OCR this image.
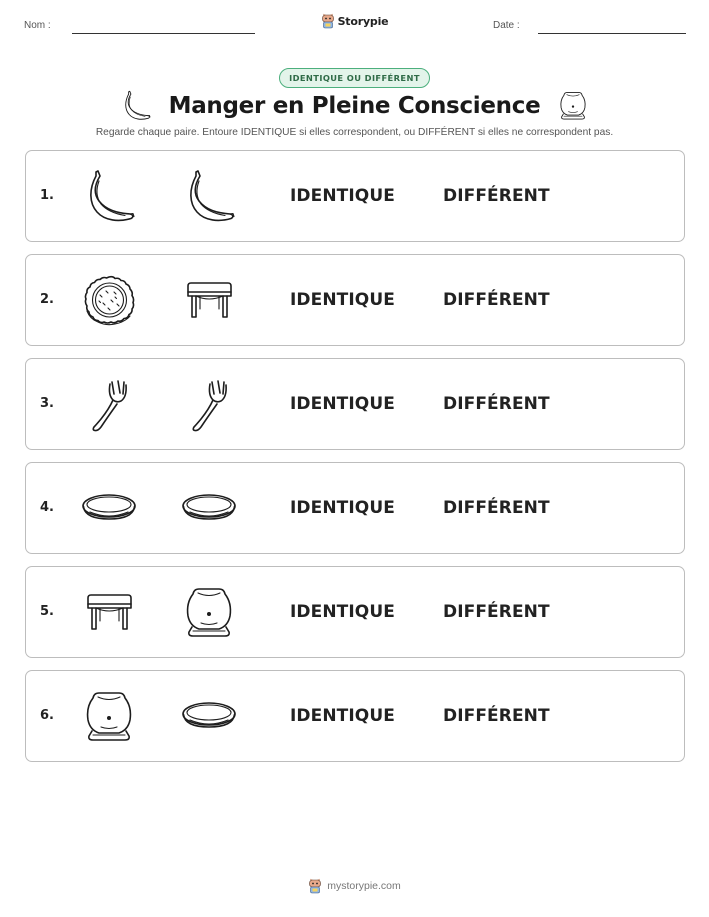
Nom :	Storypie	Date :
IDENTIQUE OU DIFFÉRENT
Manger en Pleine Conscience
Regarde chaque paire. Entoure IDENTIQUE si elles correspondent, ou DIFFÉRENT si elles ne correspondent pas.
1.	IDENTIQUE	DIFFÉRENT
2.	IDENTIQUE	DIFFÉRENT
3.	IDENTIQUE	DIFFÉRENT
4.	IDENTIQUE	DIFFÉRENT
5.	IDENTIQUE	DIFFÉRENT
6.	IDENTIQUE	DIFFÉRENT
mystorypie.com
